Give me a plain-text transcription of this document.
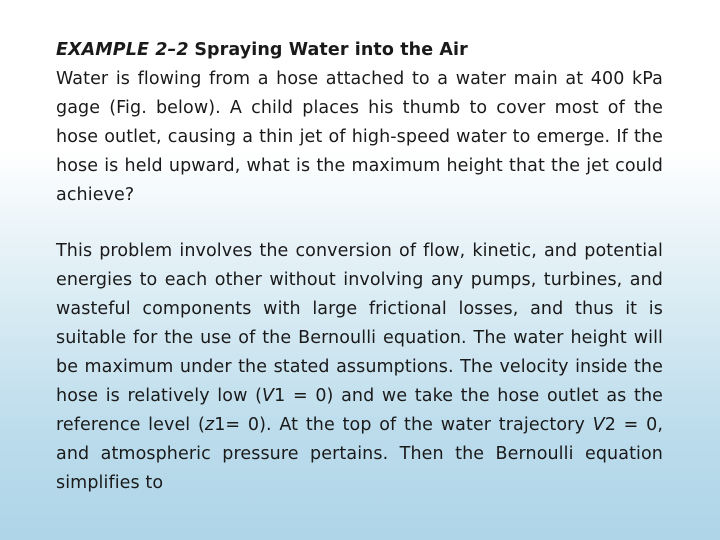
EXAMPLE 2–2 Spraying Water into the Air
Water is flowing from a hose attached to a water main at 400 kPa gage (Fig. below). A child places his thumb to cover most of the hose outlet, causing a thin jet of high-speed water to emerge. If the hose is held upward, what is the maximum height that the jet could achieve?

This problem involves the conversion of flow, kinetic, and potential energies to each other without involving any pumps, turbines, and wasteful components with large frictional losses, and thus it is suitable for the use of the Bernoulli equation. The water height will be maximum under the stated assumptions. The velocity inside the hose is relatively low (V1 = 0) and we take the hose outlet as the reference level (z1= 0). At the top of the water trajectory V2 = 0, and atmospheric pressure pertains. Then the Bernoulli equation simplifies to
